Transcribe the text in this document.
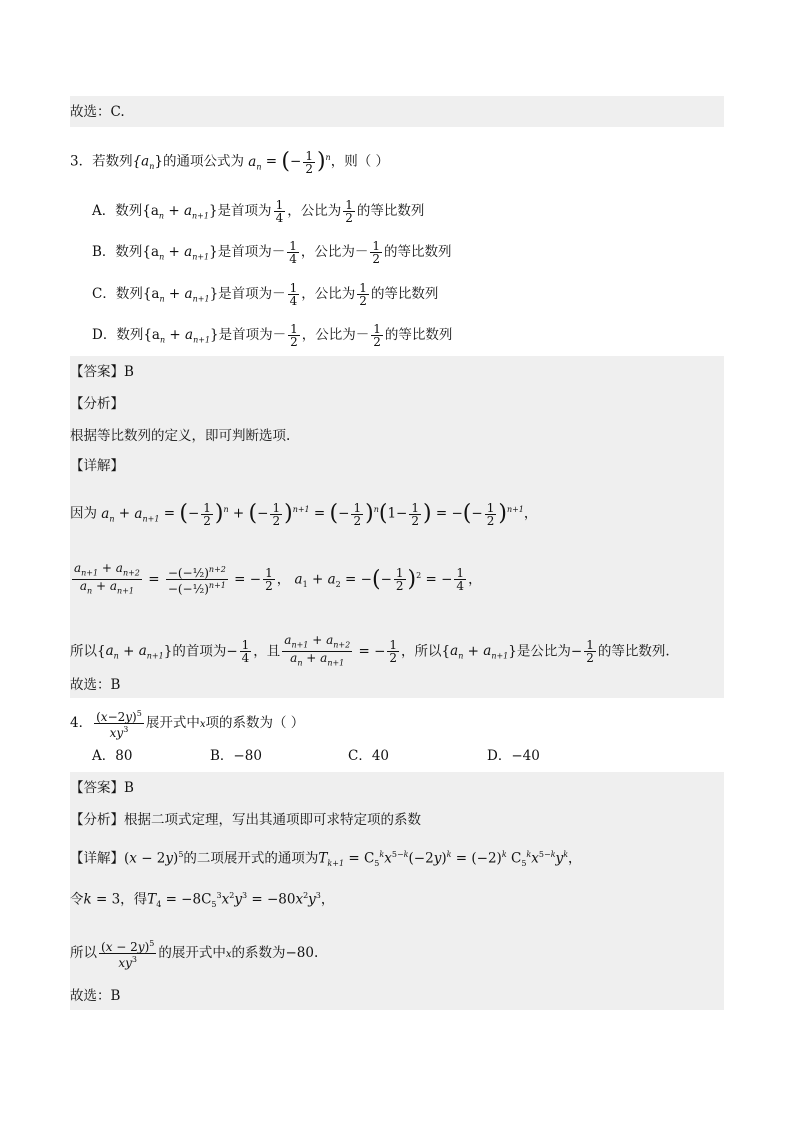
故选：C.
3．若数列$\{a_n\}$的通项公式为 $a_n$ = (− $\frac{1}{2} )^n$，则（ ）
A．数列$\{a_n + a_{n+1}\}$是首项为 $\frac{1}{4}$ ，公比为 $\frac{1}{2}$ 的等比数列
B．数列$\{a_n + a_{n+1}\}$是首项为－ $\frac{1}{4}$ ，公比为－ $\frac{1}{2}$ 的等比数列
C．数列$\{a_n + a_{n+1}\}$是首项为－ $\frac{1}{4}$ ，公比为 $\frac{1}{2}$ 的等比数列
D．数列$\{a_n + a_{n+1}\}$是首项为－ $\frac{1}{2}$ ，公比为－ $\frac{1}{2}$ 的等比数列
【答案】B
【分析】
根据等比数列的定义，即可判断选项.
【详解】
因为 $a_n + a_{n+1}$ = (− $\frac{1}{2} )^n$ + (− $\frac{1}{2} )^{n+1}$ = (− $\frac{1}{2} )^n(1- \frac{1}{2}$ ) = −(− $\frac{1}{2} )^{n+1}$，
$\frac{a_{n+1} + a_{n+2}}{a_n + a_{n+1}} = \frac{-(-\frac{1}{2})^{n+2}}{-(-\frac{1}{2})^{n+1}}$ = − $\frac{1}{2}$ ， $a_1 + a_2$ = −(− $\frac{1}{2} )^2$ = − $\frac{1}{4}$ ，
所以$\{a_n + a_{n+1}\}$的首项为− $\frac{1}{4}$ ，且 $\frac{a_{n+1} + a_{n+2}}{a_n + a_{n+1}}$ = − $\frac{1}{2}$ ，所以$\{a_n + a_{n+1}\}$是公比为− $\frac{1}{2}$ 的等比数列.
故选：B
4． $\frac{(x-2y)^5}{xy^3}$ 展开式中x项的系数为（ ）
A．80	B．−80	C．40	D．−40
【答案】B
【分析】根据二项式定理，写出其通项即可求特定项的系数
【详解】$(x - 2y)^5$的二项展开式的通项为$T_{k+1} = C_5^kx^{5-k}(-2y)^k = (-2)^k$ $C_5^kx^{5-k}y^k$，
令k = 3，得$T_4 = -8C_5^3x^2y^3 = -80x^2y^3$，
所以 $\frac{(x - 2y)^5}{xy^3}$ 的展开式中x的系数为−80.
故选：B
